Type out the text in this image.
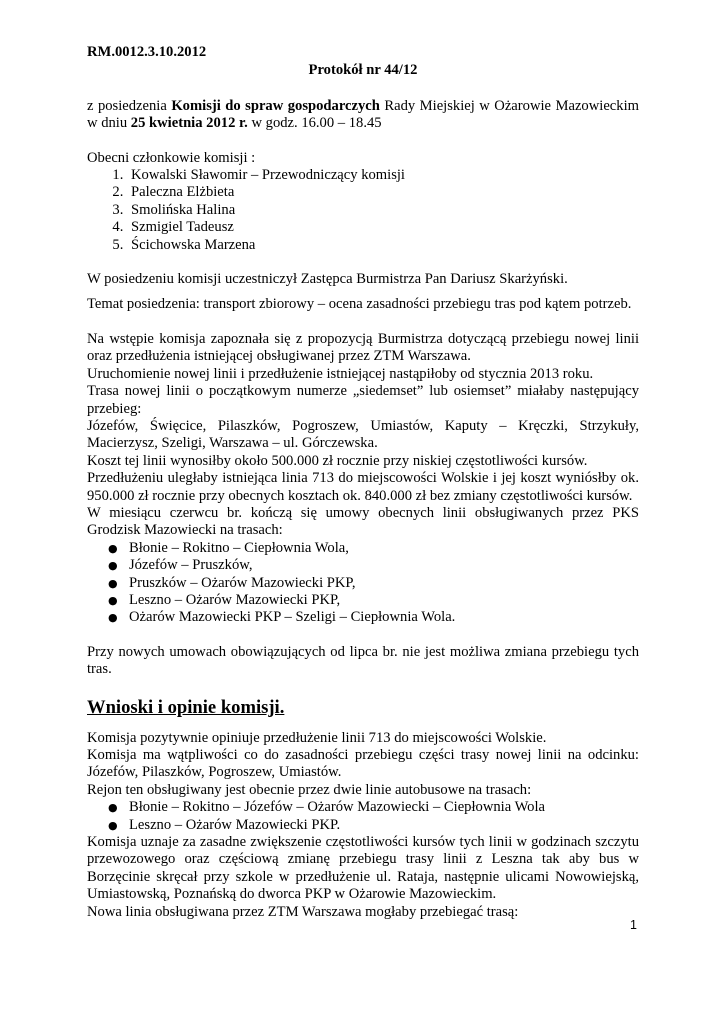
RM.0012.3.10.2012

Protokół nr 44/12

z posiedzenia Komisji do spraw gospodarczych Rady Miejskiej w Ożarowie Mazowieckim w dniu 25 kwietnia 2012 r. w godz. 16.00 – 18.45

Obecni członkowie komisji :

1. Kowalski Sławomir – Przewodniczący komisji
2. Paleczna Elżbieta
3. Smolińska Halina
4. Szmigiel Tadeusz
5. Ścichowska Marzena

W posiedzeniu komisji uczestniczył Zastępca Burmistrza Pan Dariusz Skarżyński.

Temat posiedzenia: transport zbiorowy – ocena zasadności przebiegu tras pod kątem potrzeb.

Na wstępie komisja zapoznała się z propozycją Burmistrza dotyczącą przebiegu nowej linii oraz przedłużenia istniejącej obsługiwanej przez ZTM Warszawa.

Uruchomienie nowej linii i przedłużenie istniejącej nastąpiłoby od stycznia 2013 roku.

Trasa nowej linii o początkowym numerze „siedemset” lub osiemset” miałaby następujący przebieg:

Józefów, Święcice, Pilaszków, Pogroszew, Umiastów, Kaputy – Kręczki, Strzykuły, Macierzysz, Szeligi, Warszawa – ul. Górczewska.

Koszt tej linii wynosiłby około 500.000 zł rocznie przy niskiej częstotliwości kursów.

Przedłużeniu uległaby istniejąca linia 713 do miejscowości Wolskie i jej koszt wyniósłby ok. 950.000 zł rocznie przy obecnych kosztach ok. 840.000 zł bez zmiany częstotliwości kursów.

W miesiącu czerwcu br. kończą się umowy obecnych linii obsługiwanych przez PKS Grodzisk Mazowiecki na trasach:

● Błonie – Rokitno – Ciepłownia Wola,
● Józefów – Pruszków,
● Pruszków – Ożarów Mazowiecki PKP,
● Leszno – Ożarów Mazowiecki PKP,
● Ożarów Mazowiecki PKP – Szeligi – Ciepłownia Wola.

Przy nowych umowach obowiązujących od lipca br. nie jest możliwa zmiana przebiegu tych tras.

Wnioski i opinie komisji.

Komisja pozytywnie opiniuje przedłużenie linii 713 do miejscowości Wolskie.

Komisja ma wątpliwości co do zasadności przebiegu części trasy nowej linii na odcinku: Józefów, Pilaszków, Pogroszew, Umiastów.

Rejon ten obsługiwany jest obecnie przez dwie linie autobusowe na trasach:

● Błonie – Rokitno – Józefów – Ożarów Mazowiecki – Ciepłownia Wola
● Leszno – Ożarów Mazowiecki PKP.

Komisja uznaje za zasadne zwiększenie częstotliwości kursów tych linii w godzinach szczytu przewozowego oraz częściową zmianę przebiegu trasy linii z Leszna tak aby bus w Borzęcinie skręcał przy szkole w przedłużenie ul. Rataja, następnie ulicami Nowowiejską, Umiastowską, Poznańską do dworca PKP w Ożarowie Mazowieckim.

Nowa linia obsługiwana przez ZTM Warszawa mogłaby przebiegać trasą:

1
